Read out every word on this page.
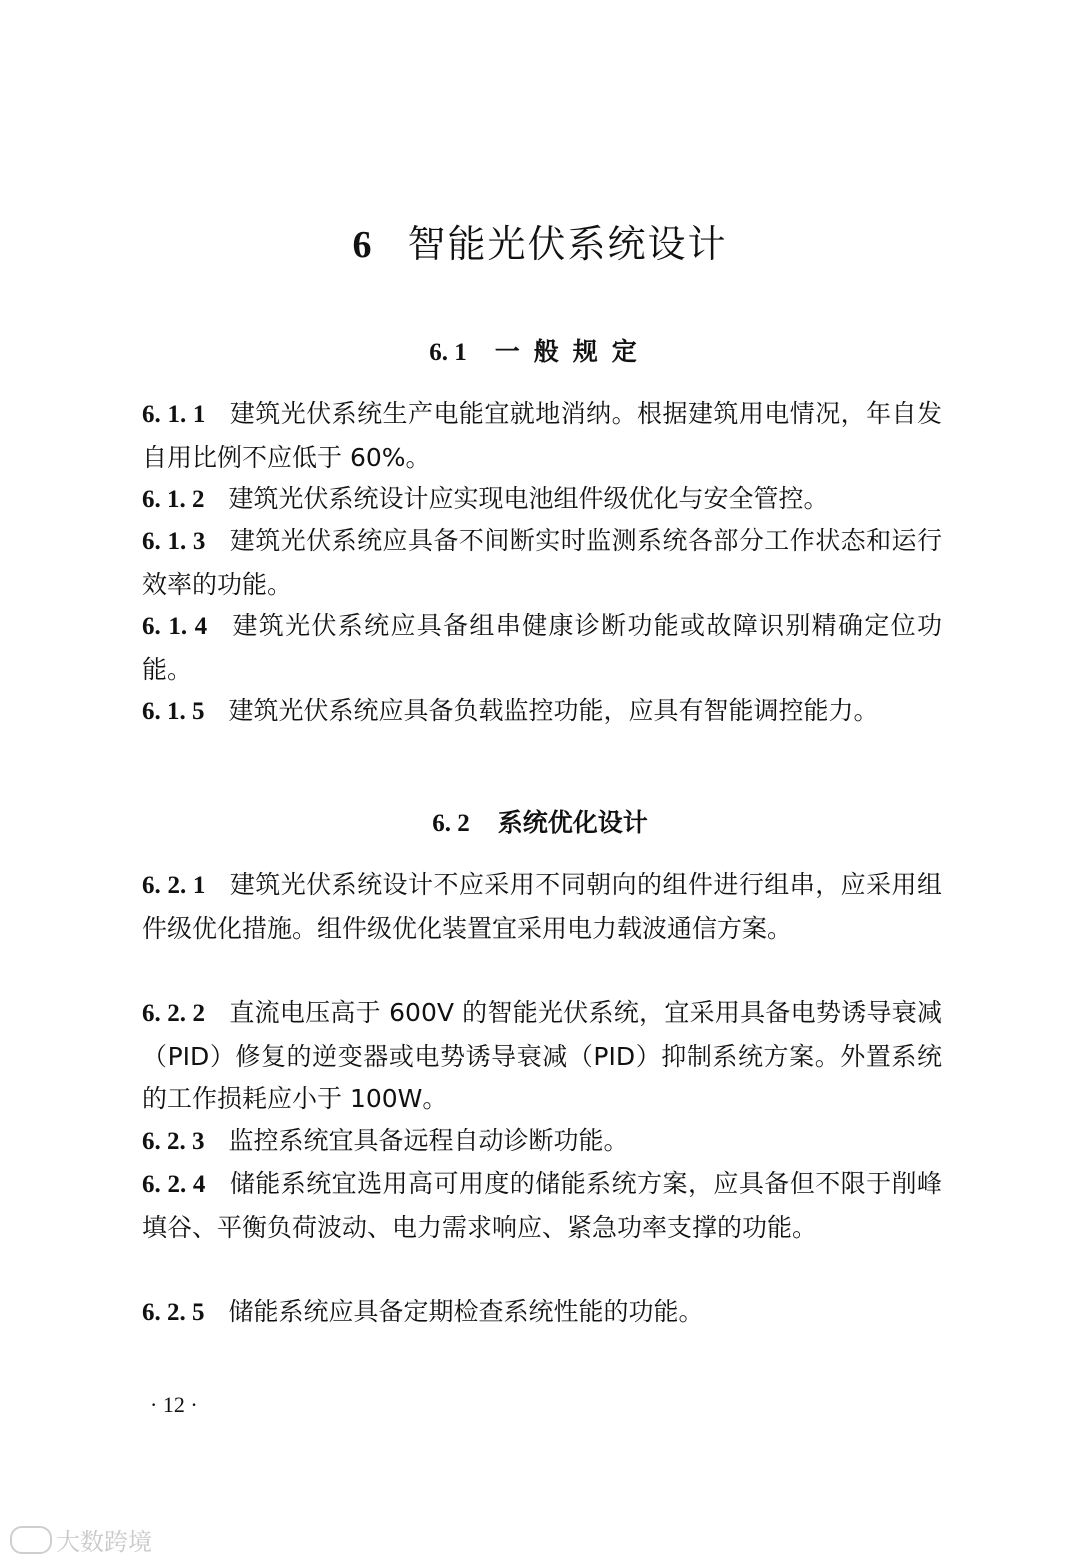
6 智能光伏系统设计
6. 1 一般规定
6. 1. 1 建筑光伏系统生产电能宜就地消纳。根据建筑用电情况，年自发自用比例不应低于 60%。
6. 1. 2 建筑光伏系统设计应实现电池组件级优化与安全管控。
6. 1. 3 建筑光伏系统应具备不间断实时监测系统各部分工作状态和运行效率的功能。
6. 1. 4 建筑光伏系统应具备组串健康诊断功能或故障识别精确定位功能。
6. 1. 5 建筑光伏系统应具备负载监控功能，应具有智能调控能力。
6. 2 系统优化设计
6. 2. 1 建筑光伏系统设计不应采用不同朝向的组件进行组串，应采用组件级优化措施。组件级优化装置宜采用电力载波通信方案。
6. 2. 2 直流电压高于 600V 的智能光伏系统，宜采用具备电势诱导衰减（PID）修复的逆变器或电势诱导衰减（PID）抑制系统方案。外置系统的工作损耗应小于 100W。
6. 2. 3 监控系统宜具备远程自动诊断功能。
6. 2. 4 储能系统宜选用高可用度的储能系统方案，应具备但不限于削峰填谷、平衡负荷波动、电力需求响应、紧急功率支撑的功能。
6. 2. 5 储能系统应具备定期检查系统性能的功能。
· 12 ·
大数跨境
